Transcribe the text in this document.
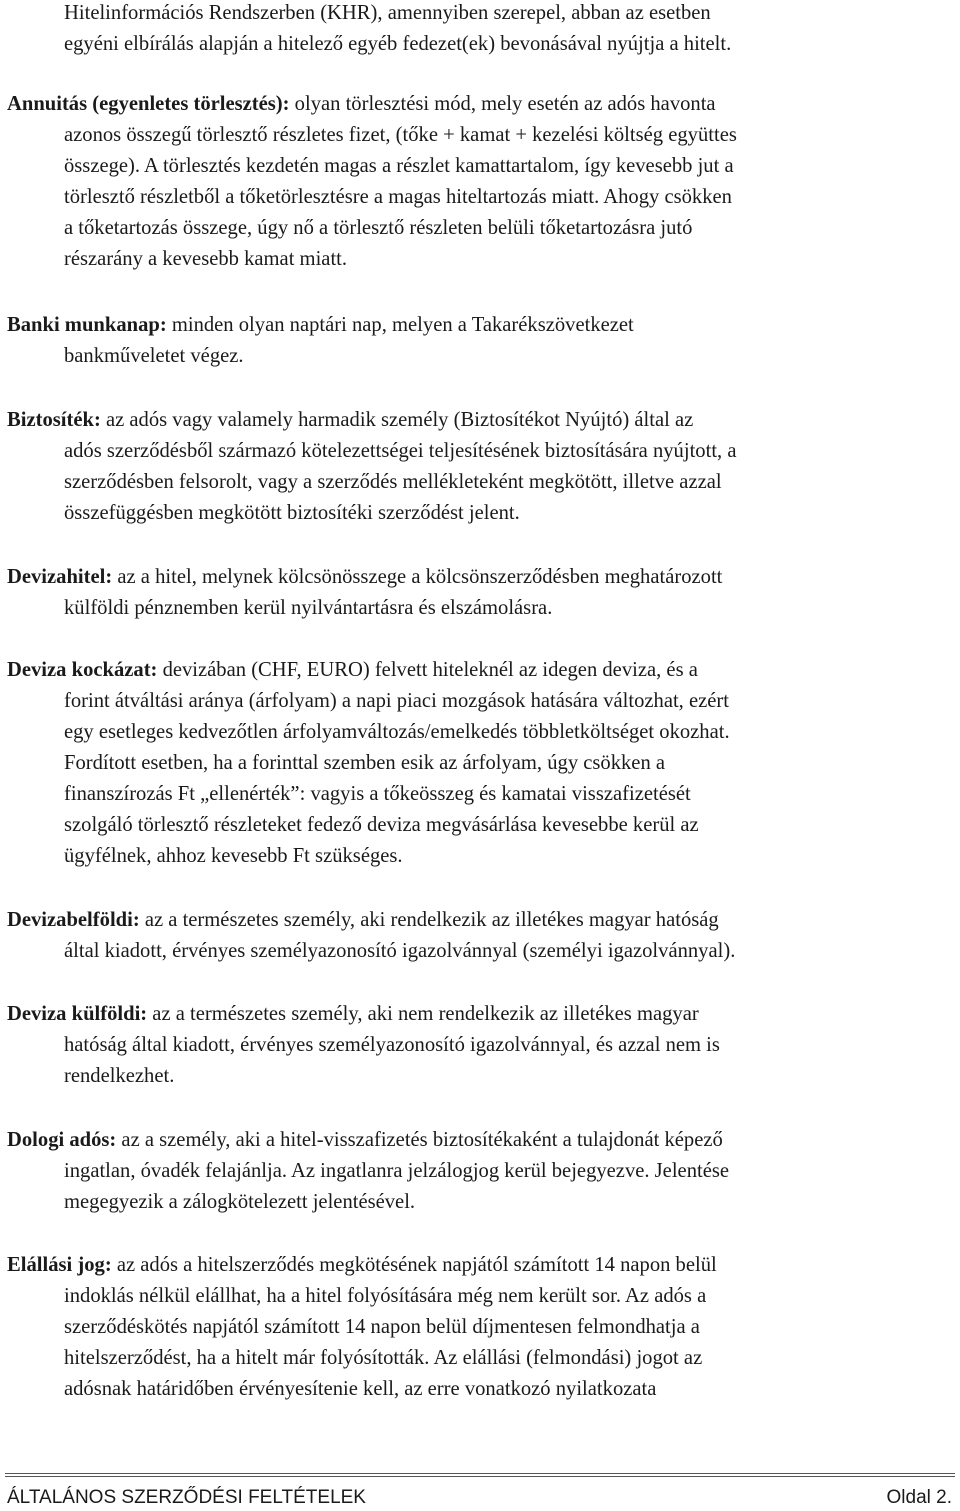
Hitelinformációs Rendszerben (KHR), amennyiben szerepel, abban az esetben
egyéni elbírálás alapján a hitelező egyéb fedezet(ek) bevonásával nyújtja a hitelt.
Annuitás (egyenletes törlesztés): olyan törlesztési mód, mely esetén az adós havonta
azonos összegű törlesztő részletes fizet, (tőke + kamat + kezelési költség együttes
összege). A törlesztés kezdetén magas a részlet kamattartalom, így kevesebb jut a
törlesztő részletből a tőketörlesztésre a magas hiteltartozás miatt. Ahogy csökken
a tőketartozás összege, úgy nő a törlesztő részleten belüli tőketartozásra jutó
részarány a kevesebb kamat miatt.
Banki munkanap: minden olyan naptári nap, melyen a Takarékszövetkezet
bankműveletet végez.
Biztosíték: az adós vagy valamely harmadik személy (Biztosítékot Nyújtó) által az
adós szerződésből származó kötelezettségei teljesítésének biztosítására nyújtott, a
szerződésben felsorolt, vagy a szerződés mellékleteként megkötött, illetve azzal
összefüggésben megkötött biztosítéki szerződést jelent.
Devizahitel: az a hitel, melynek kölcsönösszege a kölcsönszerződésben meghatározott
külföldi pénznemben kerül nyilvántartásra és elszámolásra.
Deviza kockázat: devizában (CHF, EURO) felvett hiteleknél az idegen deviza, és a
forint átváltási aránya (árfolyam) a napi piaci mozgások hatására változhat, ezért
egy esetleges kedvezőtlen árfolyamváltozás/emelkedés többletköltséget okozhat.
Fordított esetben, ha a forinttal szemben esik az árfolyam, úgy csökken a
finanszírozás Ft „ellenérték”: vagyis a tőkeösszeg és kamatai visszafizetését
szolgáló törlesztő részleteket fedező deviza megvásárlása kevesebbe kerül az
ügyfélnek, ahhoz kevesebb Ft szükséges.
Devizabelföldi: az a természetes személy, aki rendelkezik az illetékes magyar hatóság
által kiadott, érvényes személyazonosító igazolvánnyal (személyi igazolvánnyal).
Deviza külföldi: az a természetes személy, aki nem rendelkezik az illetékes magyar
hatóság által kiadott, érvényes személyazonosító igazolvánnyal, és azzal nem is
rendelkezhet.
Dologi adós: az a személy, aki a hitel-visszafizetés biztosítékaként a tulajdonát képező
ingatlan, óvadék felajánlja. Az ingatlanra jelzálogjog kerül bejegyezve. Jelentése
megegyezik a zálogkötelezett jelentésével.
Elállási jog: az adós a hitelszerződés megkötésének napjától számított 14 napon belül
indoklás nélkül elállhat, ha a hitel folyósítására még nem került sor. Az adós a
szerződéskötés napjától számított 14 napon belül díjmentesen felmondhatja a
hitelszerződést, ha a hitelt már folyósították. Az elállási (felmondási) jogot az
adósnak határidőben érvényesítenie kell, az erre vonatkozó nyilatkozata
ÁLTALÁNOS SZERZŐDÉSI FELTÉTELEK	Oldal 2.
